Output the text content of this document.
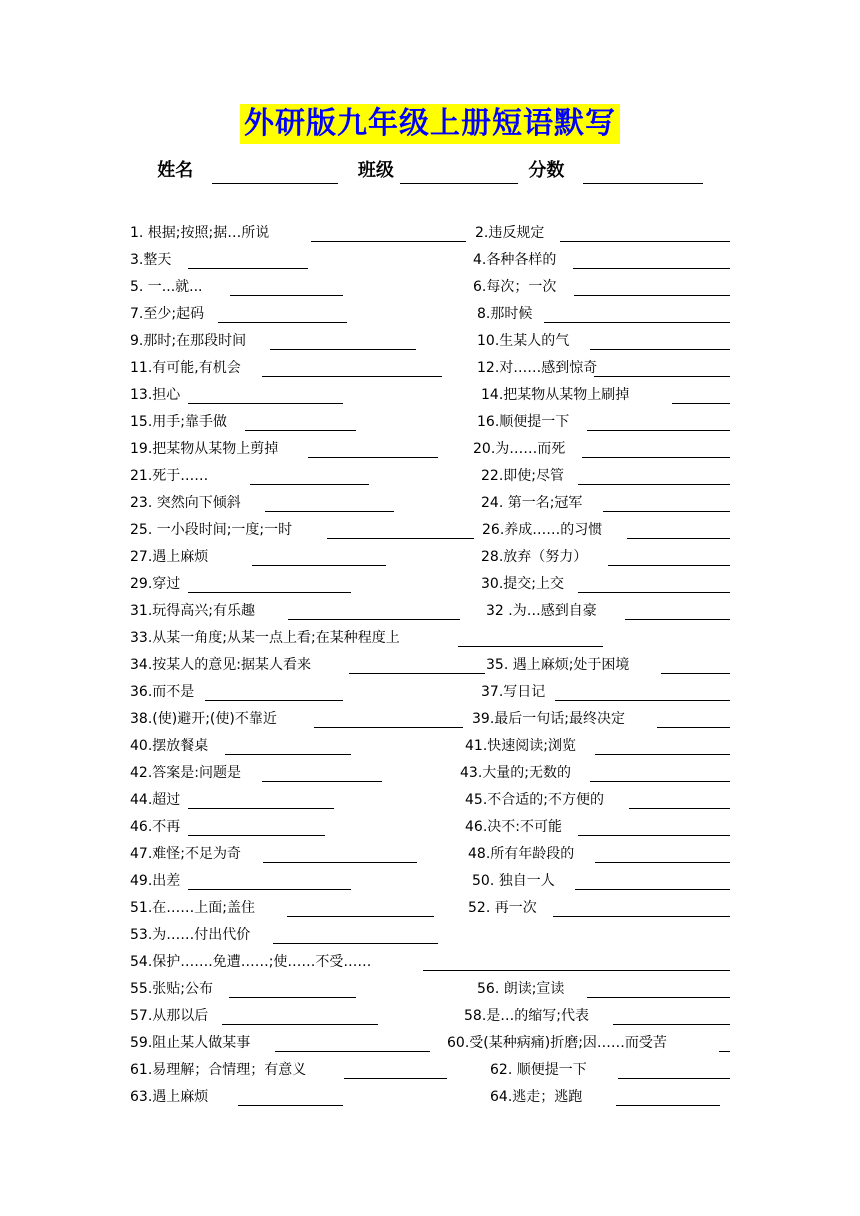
外研版九年级上册短语默写
姓名	班级	分数
1. 根据;按照;据…所说	2.违反规定
3.整天	4.各种各样的
5. 一...就...	6.每次；一次
7.至少;起码	8.那时候
9.那时;在那段时间	10.生某人的气
11.有可能,有机会	12.对……感到惊奇
13.担心	14.把某物从某物上刷掉
15.用手;靠手做	16.顺便提一下
19.把某物从某物上剪掉	20.为……而死
21.死于……	22.即使;尽管
23. 突然向下倾斜	24. 第一名;冠军
25. 一小段时间;一度;一时	26.养成……的习惯
27.遇上麻烦	28.放弃（努力）
29.穿过	30.提交;上交
31.玩得高兴;有乐趣	32 .为…感到自豪
33.从某一角度;从某一点上看;在某种程度上
34.按某人的意见:据某人看来	35. 遇上麻烦;处于困境
36.而不是	37.写日记
38.(使)避开;(使)不靠近	39.最后一句话;最终决定
40.摆放餐桌	41.快速阅读;浏览
42.答案是:问题是	43.大量的;无数的
44.超过	45.不合适的;不方便的
46.不再	46.决不:不可能
47.难怪;不足为奇	48.所有年龄段的
49.出差	50. 独自一人
51.在……上面;盖住	52. 再一次
53.为……付出代价
54.保护…….免遭……;使……不受……
55.张贴;公布	56. 朗读;宣读
57.从那以后	58.是…的缩写;代表
59.阻止某人做某事	60.受(某种病痛)折磨;因……而受苦
61.易理解；合情理；有意义	62. 顺便提一下
63.遇上麻烦	64.逃走；逃跑
